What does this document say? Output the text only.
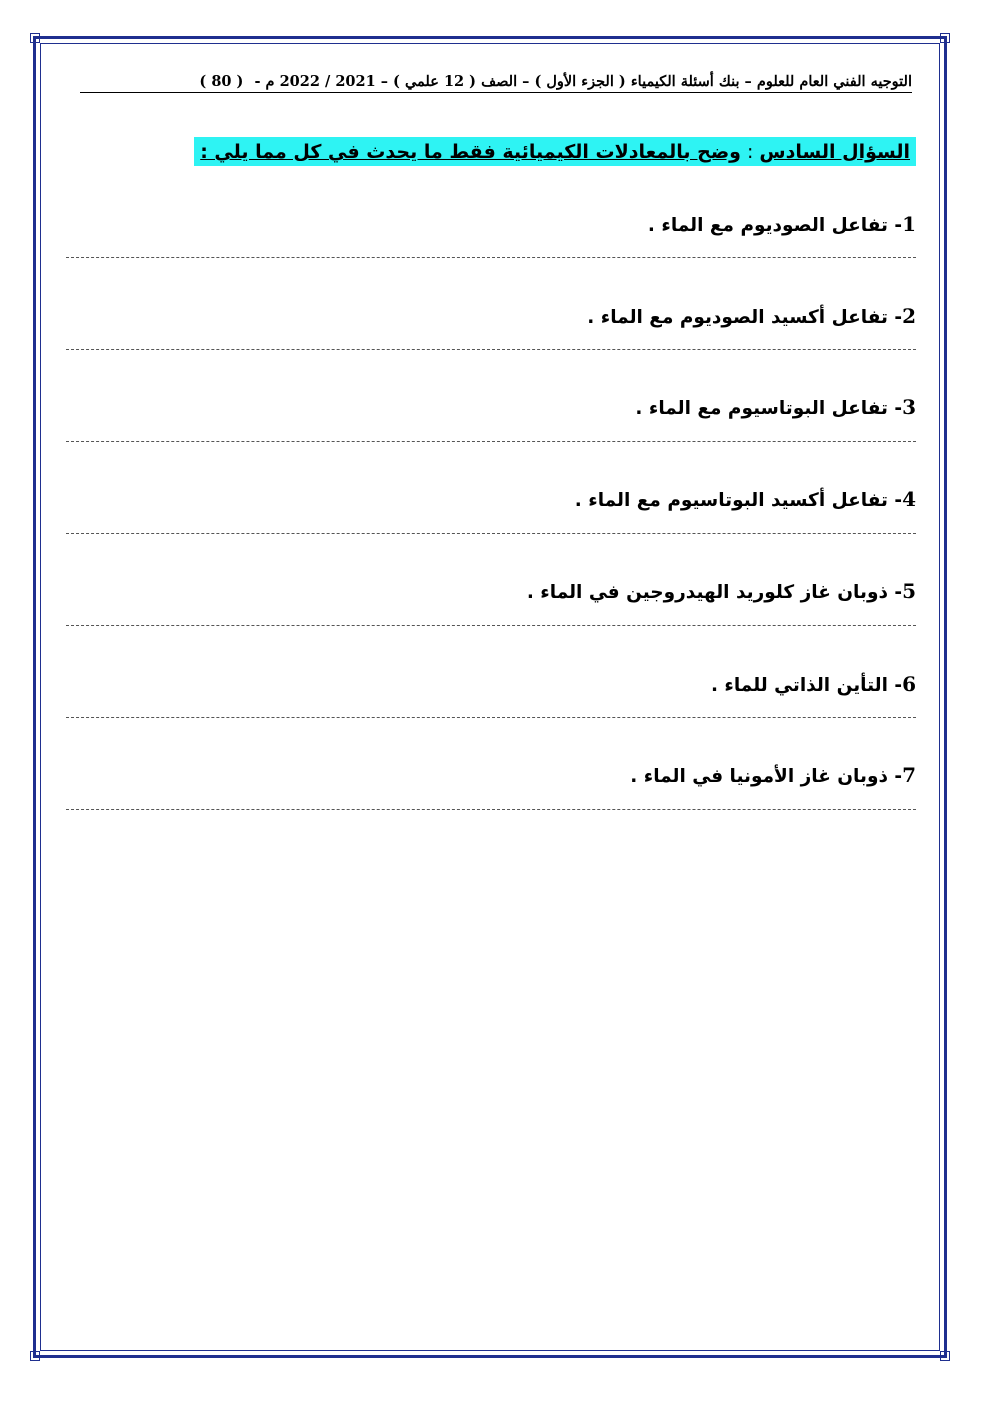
التوجيه الفني العام للعلوم – بنك أسئلة الكيمياء ( الجزء الأول ) – الصف ( 12 علمي ) – 2021 / 2022 م - ( 80 )
السؤال السادس:وضح بالمعادلات الكيميائية فقط ما يحدث في كل مما يلي :
1- تفاعل الصوديوم مع الماء .
2- تفاعل أكسيد الصوديوم مع الماء .
3- تفاعل البوتاسيوم مع الماء .
4- تفاعل أكسيد البوتاسيوم مع الماء .
5- ذوبان غاز كلوريد الهيدروجين في الماء .
6- التأين الذاتي للماء .
7- ذوبان غاز الأمونيا في الماء .
